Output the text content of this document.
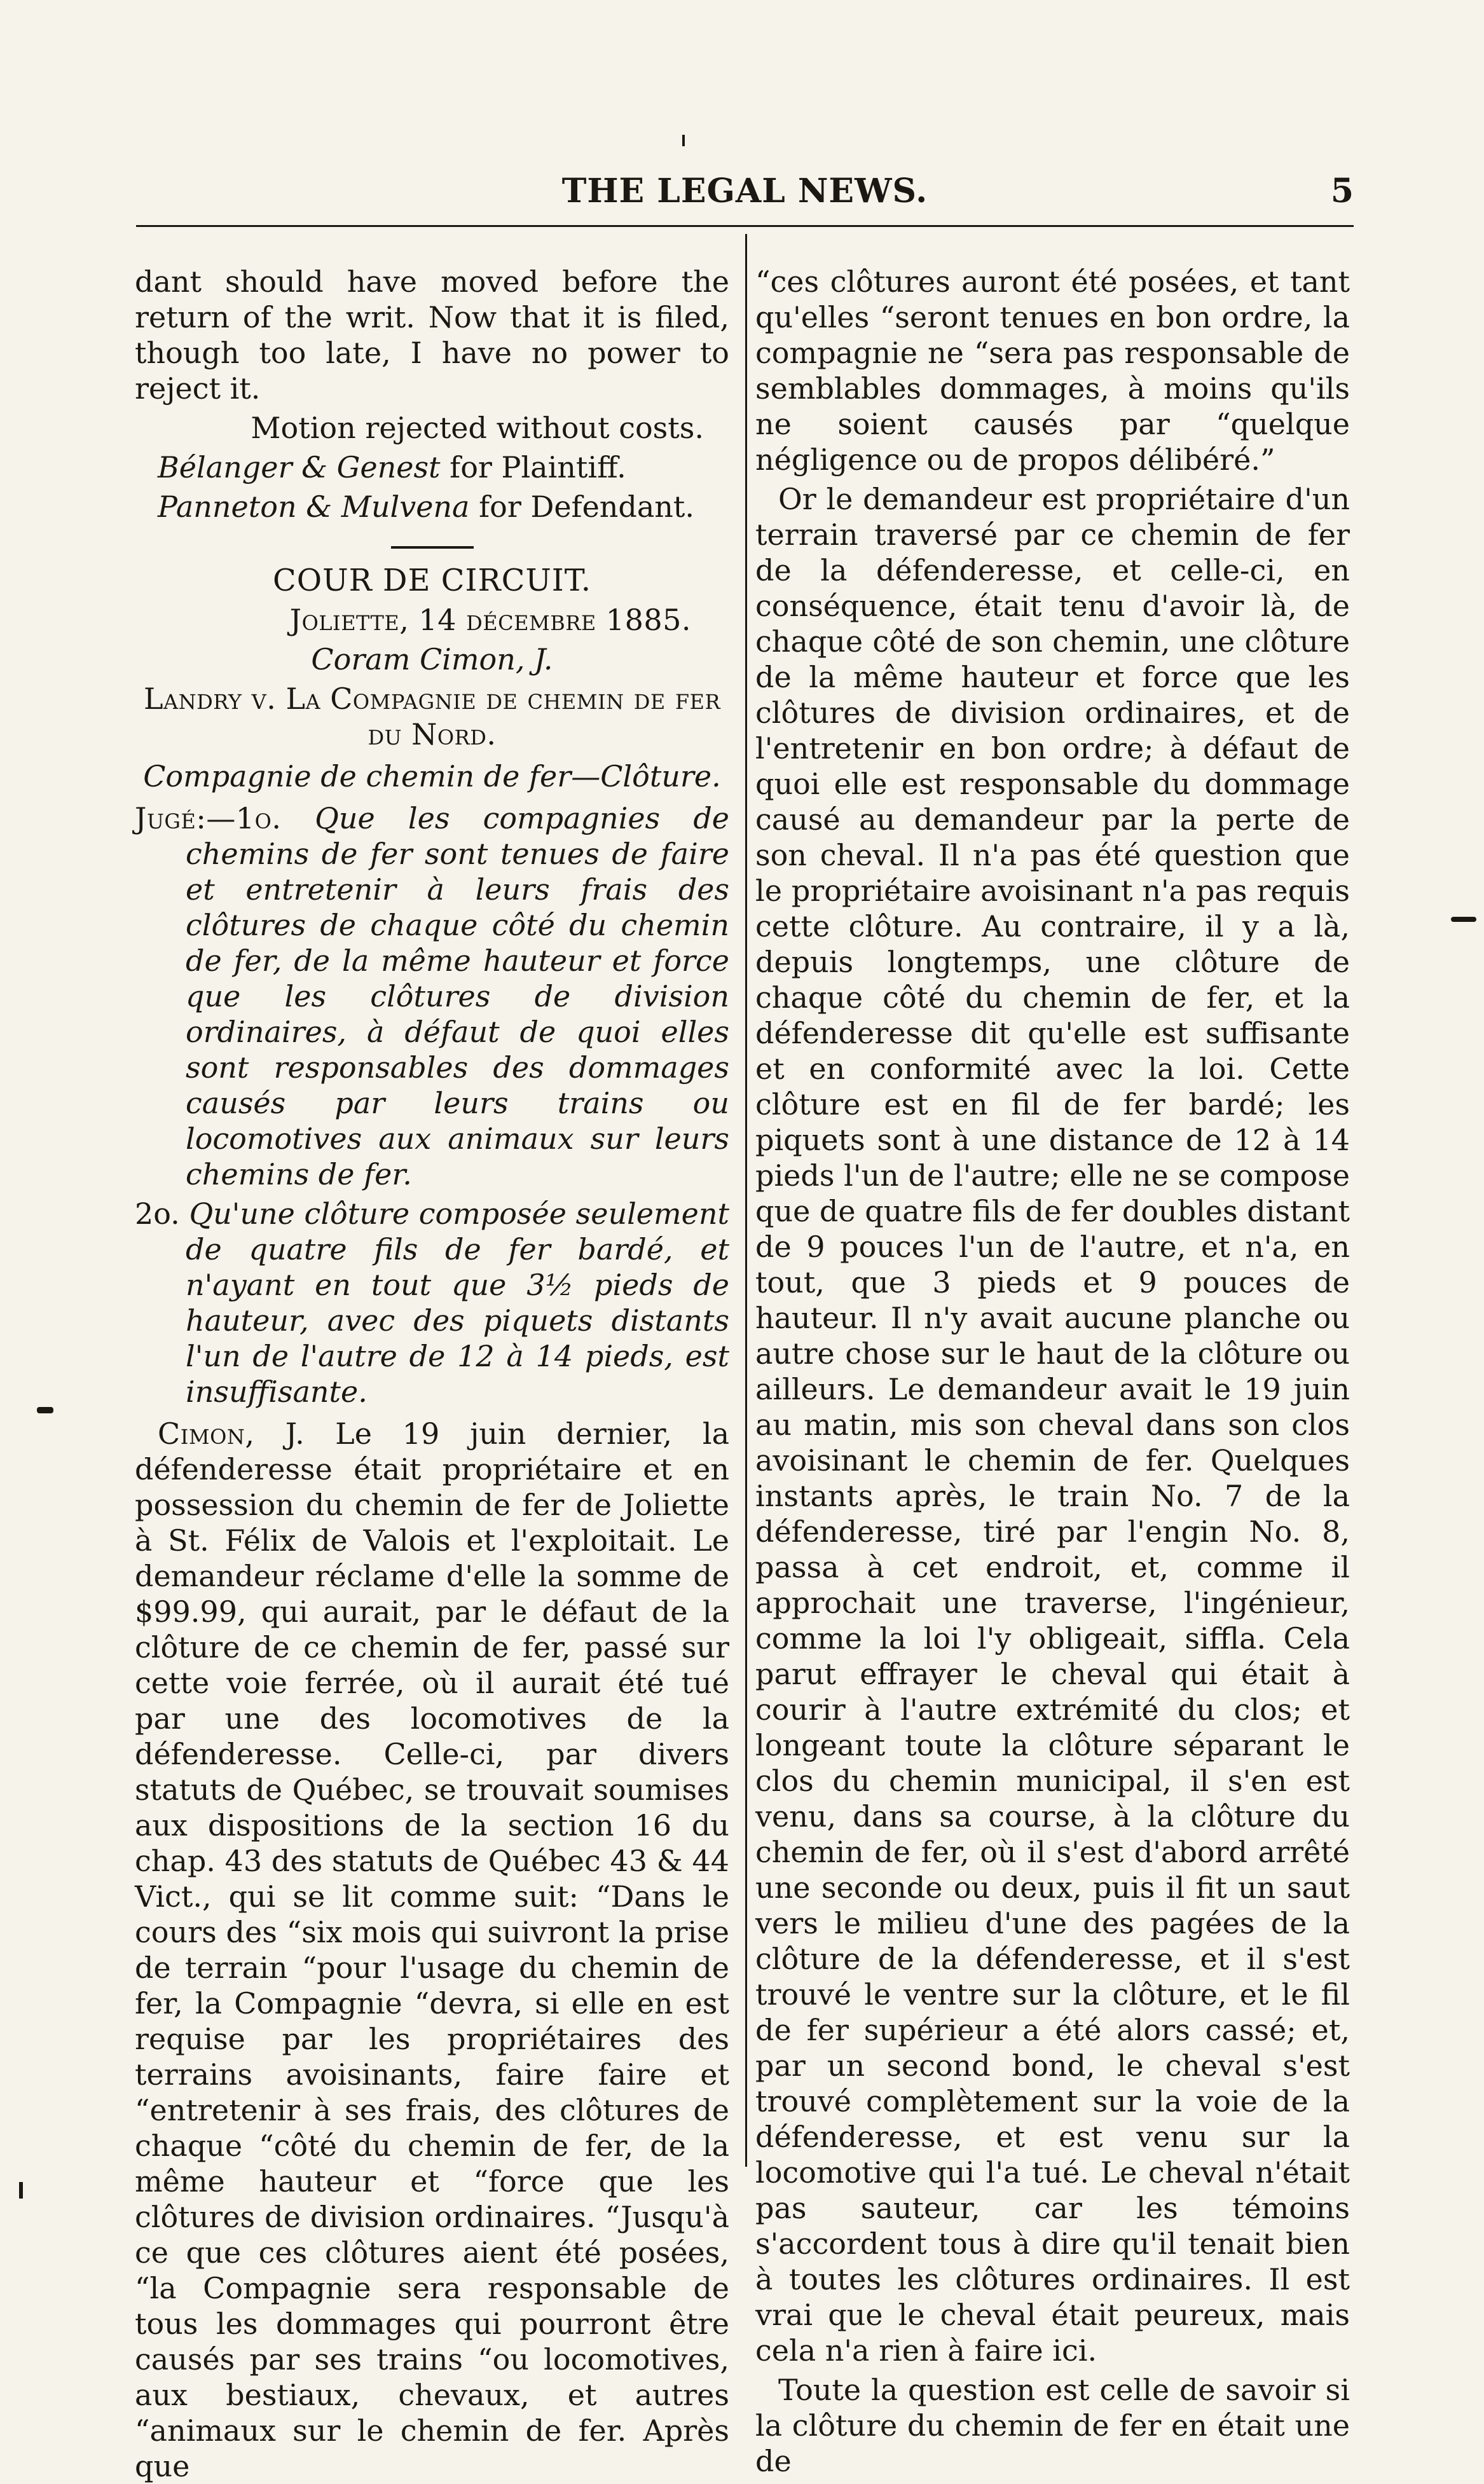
THE LEGAL NEWS.	5

dant should have moved before the return of the writ. Now that it is filed, though too late, I have no power to reject it.

Motion rejected without costs.

Bélanger & Genest for Plaintiff.

Panneton & Mulvena for Defendant.

COUR DE CIRCUIT.

Joliette, 14 décembre 1885.

Coram Cimon, J.

Landry v. La Compagnie de chemin de fer du Nord.

Compagnie de chemin de fer—Clôture.

Jugé:—1o. Que les compagnies de chemins de fer sont tenues de faire et entretenir à leurs frais des clôtures de chaque côté du chemin de fer, de la même hauteur et force que les clôtures de division ordinaires, à défaut de quoi elles sont responsables des dommages causés par leurs trains ou locomotives aux animaux sur leurs chemins de fer.

2o. Qu'une clôture composée seulement de quatre fils de fer bardé, et n'ayant en tout que 3½ pieds de hauteur, avec des piquets distants l'un de l'autre de 12 à 14 pieds, est insuffisante.

Cimon, J. Le 19 juin dernier, la défenderesse était propriétaire et en possession du chemin de fer de Joliette à St. Félix de Valois et l'exploitait. Le demandeur réclame d'elle la somme de $99.99, qui aurait, par le défaut de la clôture de ce chemin de fer, passé sur cette voie ferrée, où il aurait été tué par une des locomotives de la défenderesse. Celle-ci, par divers statuts de Québec, se trouvait soumises aux dispositions de la section 16 du chap. 43 des statuts de Québec 43 & 44 Vict., qui se lit comme suit: “Dans le cours des “six mois qui suivront la prise de terrain “pour l'usage du chemin de fer, la Compagnie “devra, si elle en est requise par les propriétaires des terrains avoisinants, faire faire et “entretenir à ses frais, des clôtures de chaque “côté du chemin de fer, de la même hauteur et “force que les clôtures de division ordinaires. “Jusqu'à ce que ces clôtures aient été posées, “la Compagnie sera responsable de tous les dommages qui pourront être causés par ses trains “ou locomotives, aux bestiaux, chevaux, et autres “animaux sur le chemin de fer. Après que

“ces clôtures auront été posées, et tant qu'elles “seront tenues en bon ordre, la compagnie ne “sera pas responsable de semblables dommages, à moins qu'ils ne soient causés par “quelque négligence ou de propos délibéré.”

Or le demandeur est propriétaire d'un terrain traversé par ce chemin de fer de la défenderesse, et celle-ci, en conséquence, était tenu d'avoir là, de chaque côté de son chemin, une clôture de la même hauteur et force que les clôtures de division ordinaires, et de l'entretenir en bon ordre; à défaut de quoi elle est responsable du dommage causé au demandeur par la perte de son cheval. Il n'a pas été question que le propriétaire avoisinant n'a pas requis cette clôture. Au contraire, il y a là, depuis longtemps, une clôture de chaque côté du chemin de fer, et la défenderesse dit qu'elle est suffisante et en conformité avec la loi. Cette clôture est en fil de fer bardé; les piquets sont à une distance de 12 à 14 pieds l'un de l'autre; elle ne se compose que de quatre fils de fer doubles distant de 9 pouces l'un de l'autre, et n'a, en tout, que 3 pieds et 9 pouces de hauteur. Il n'y avait aucune planche ou autre chose sur le haut de la clôture ou ailleurs. Le demandeur avait le 19 juin au matin, mis son cheval dans son clos avoisinant le chemin de fer. Quelques instants après, le train No. 7 de la défenderesse, tiré par l'engin No. 8, passa à cet endroit, et, comme il approchait une traverse, l'ingénieur, comme la loi l'y obligeait, siffla. Cela parut effrayer le cheval qui était à courir à l'autre extrémité du clos; et longeant toute la clôture séparant le clos du chemin municipal, il s'en est venu, dans sa course, à la clôture du chemin de fer, où il s'est d'abord arrêté une seconde ou deux, puis il fit un saut vers le milieu d'une des pagées de la clôture de la défenderesse, et il s'est trouvé le ventre sur la clôture, et le fil de fer supérieur a été alors cassé; et, par un second bond, le cheval s'est trouvé complètement sur la voie de la défenderesse, et est venu sur la locomotive qui l'a tué. Le cheval n'était pas sauteur, car les témoins s'accordent tous à dire qu'il tenait bien à toutes les clôtures ordinaires. Il est vrai que le cheval était peureux, mais cela n'a rien à faire ici.

Toute la question est celle de savoir si la clôture du chemin de fer en était une de
